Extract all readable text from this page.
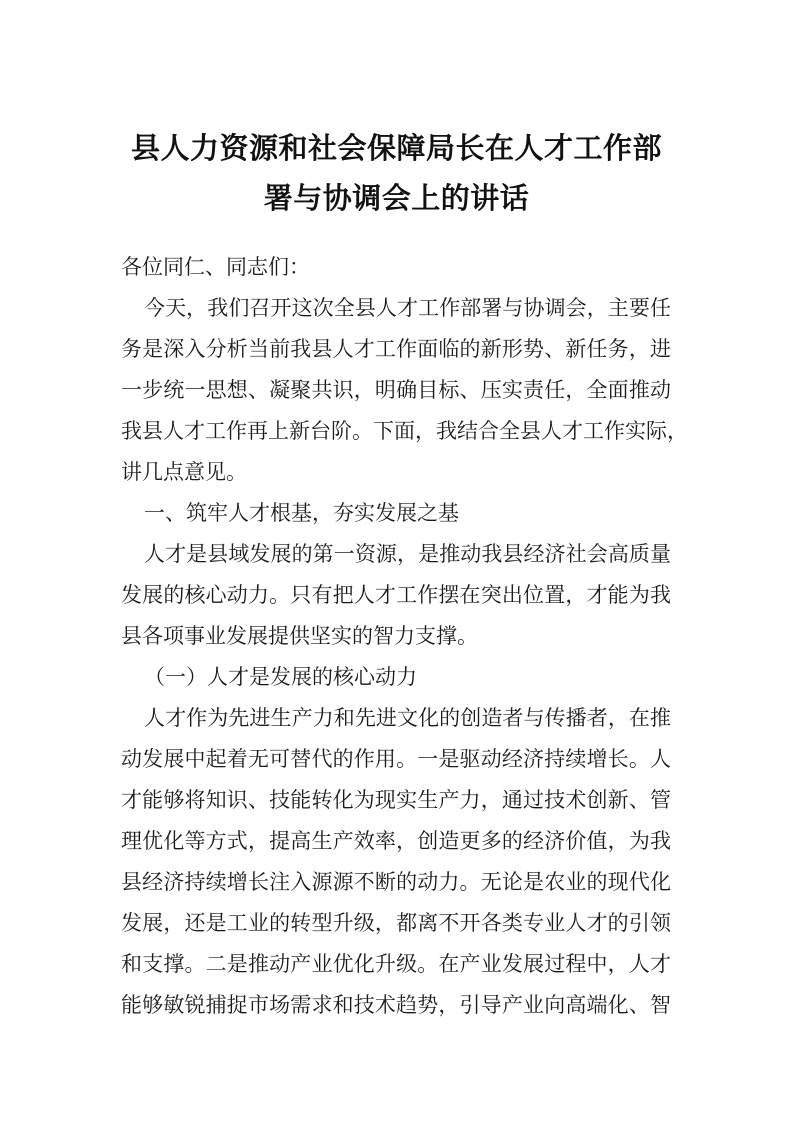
县人力资源和社会保障局长在人才工作部
署与协调会上的讲话
各位同仁、同志们：
今天，我们召开这次全县人才工作部署与协调会，主要任
务是深入分析当前我县人才工作面临的新形势、新任务，进
一步统一思想、凝聚共识，明确目标、压实责任，全面推动
我县人才工作再上新台阶。下面，我结合全县人才工作实际，
讲几点意见。
一、筑牢人才根基，夯实发展之基
人才是县域发展的第一资源，是推动我县经济社会高质量
发展的核心动力。只有把人才工作摆在突出位置，才能为我
县各项事业发展提供坚实的智力支撑。
（一）人才是发展的核心动力
人才作为先进生产力和先进文化的创造者与传播者，在推
动发展中起着无可替代的作用。一是驱动经济持续增长。人
才能够将知识、技能转化为现实生产力，通过技术创新、管
理优化等方式，提高生产效率，创造更多的经济价值，为我
县经济持续增长注入源源不断的动力。无论是农业的现代化
发展，还是工业的转型升级，都离不开各类专业人才的引领
和支撑。二是推动产业优化升级。在产业发展过程中，人才
能够敏锐捕捉市场需求和技术趋势，引导产业向高端化、智
